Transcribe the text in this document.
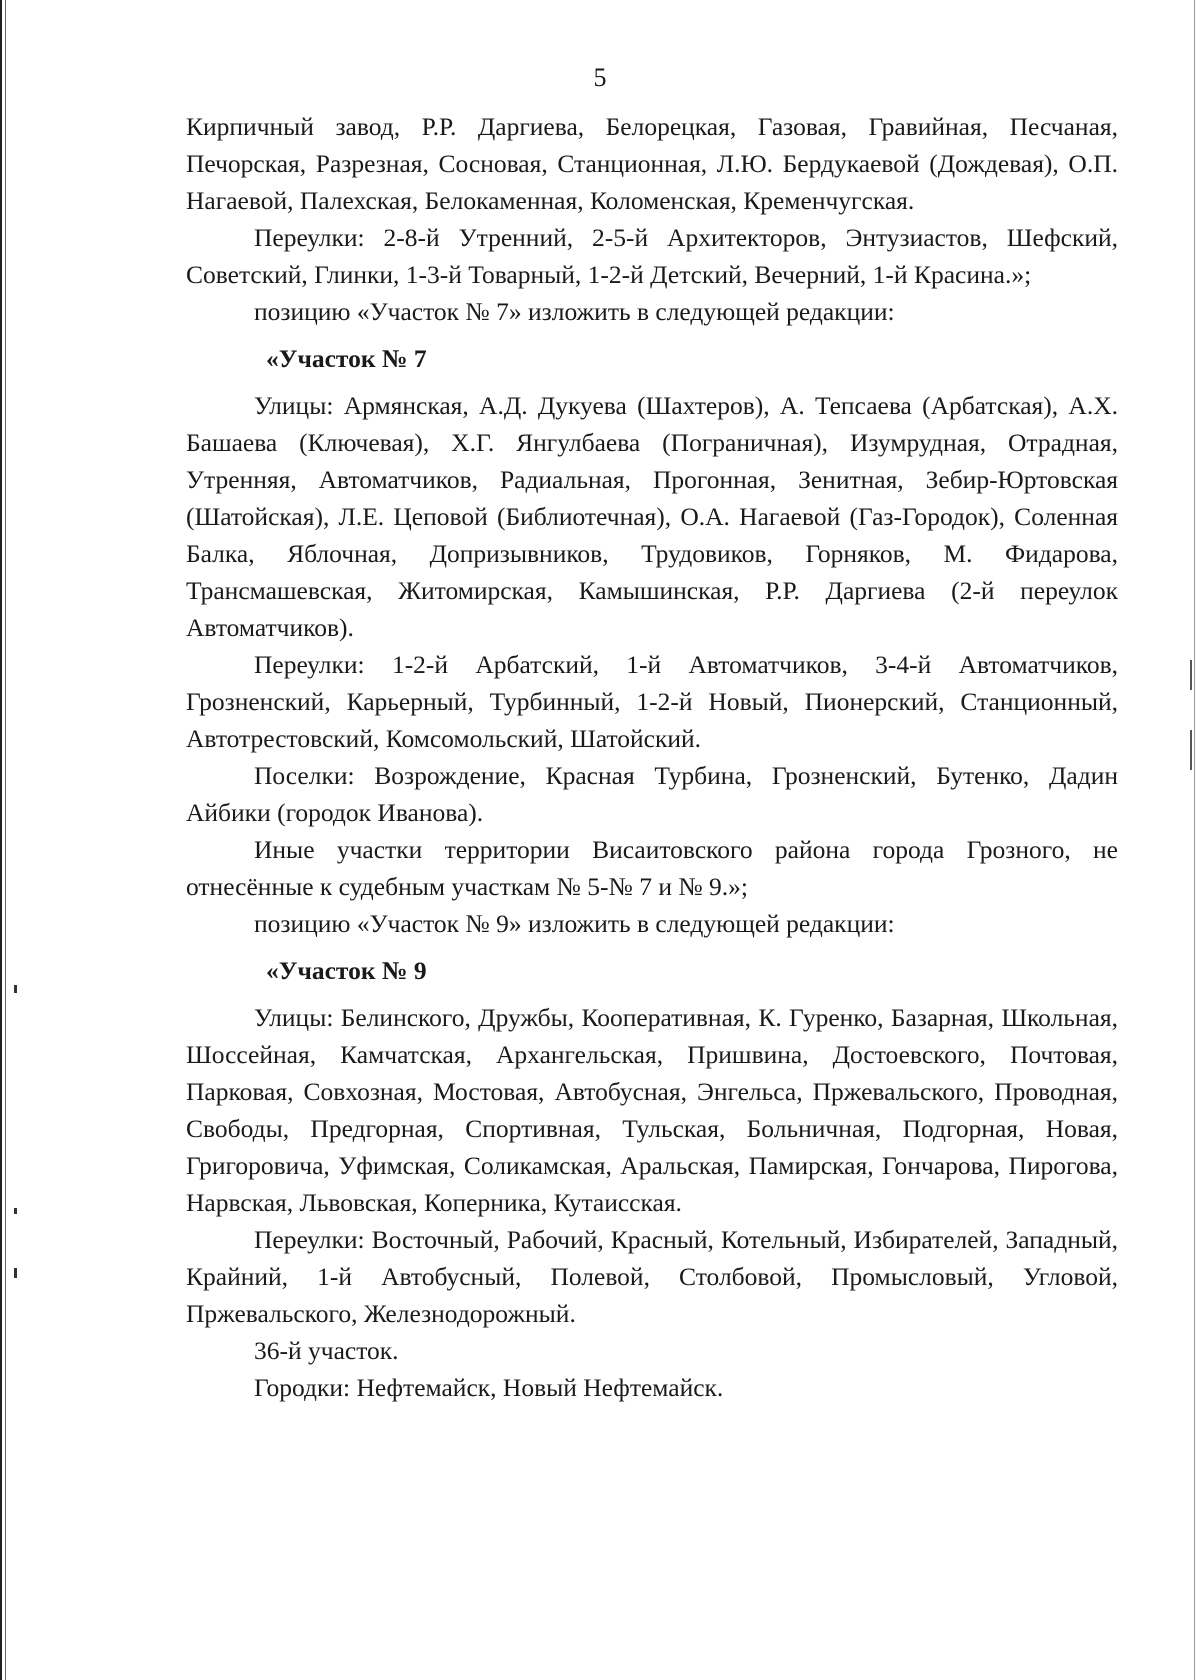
5

Кирпичный завод, Р.Р. Даргиева, Белорецкая, Газовая, Гравийная, Песчаная, Печорская, Разрезная, Сосновая, Станционная, Л.Ю. Бердукаевой (Дождевая), О.П. Нагаевой, Палехская, Белокаменная, Коломенская, Кременчугская.

Переулки: 2-8-й Утренний, 2-5-й Архитекторов, Энтузиастов, Шефский, Советский, Глинки, 1-3-й Товарный, 1-2-й Детский, Вечерний, 1-й Красина.»;

позицию «Участок № 7» изложить в следующей редакции:

«Участок № 7

Улицы: Армянская, А.Д. Дукуева (Шахтеров), А. Тепсаева (Арбатская), А.Х. Башаева (Ключевая), Х.Г. Янгулбаева (Пограничная), Изумрудная, Отрадная, Утренняя, Автоматчиков, Радиальная, Прогонная, Зенитная, Зебир-Юртовская (Шатойская), Л.Е. Цеповой (Библиотечная), О.А. Нагаевой (Газ-Городок), Соленная Балка, Яблочная, Допризывников, Трудовиков, Горняков, М. Фидарова, Трансмашевская, Житомирская, Камышинская, Р.Р. Даргиева (2-й переулок Автоматчиков).

Переулки: 1-2-й Арбатский, 1-й Автоматчиков, 3-4-й Автоматчиков, Грозненский, Карьерный, Турбинный, 1-2-й Новый, Пионерский, Станционный, Автотрестовский, Комсомольский, Шатойский.

Поселки: Возрождение, Красная Турбина, Грозненский, Бутенко, Дадин Айбики (городок Иванова).

Иные участки территории Висаитовского района города Грозного, не отнесённые к судебным участкам № 5-№ 7 и № 9.»;

позицию «Участок № 9» изложить в следующей редакции:

«Участок № 9

Улицы: Белинского, Дружбы, Кооперативная, К. Гуренко, Базарная, Школьная, Шоссейная, Камчатская, Архангельская, Пришвина, Достоевского, Почтовая, Парковая, Совхозная, Мостовая, Автобусная, Энгельса, Пржевальского, Проводная, Свободы, Предгорная, Спортивная, Тульская, Больничная, Подгорная, Новая, Григоровича, Уфимская, Соликамская, Аральская, Памирская, Гончарова, Пирогова, Нарвская, Львовская, Коперника, Кутаисская.

Переулки: Восточный, Рабочий, Красный, Котельный, Избирателей, Западный, Крайний, 1-й Автобусный, Полевой, Столбовой, Промысловый, Угловой, Пржевальского, Железнодорожный.

36-й участок.

Городки: Нефтемайск, Новый Нефтемайск.
